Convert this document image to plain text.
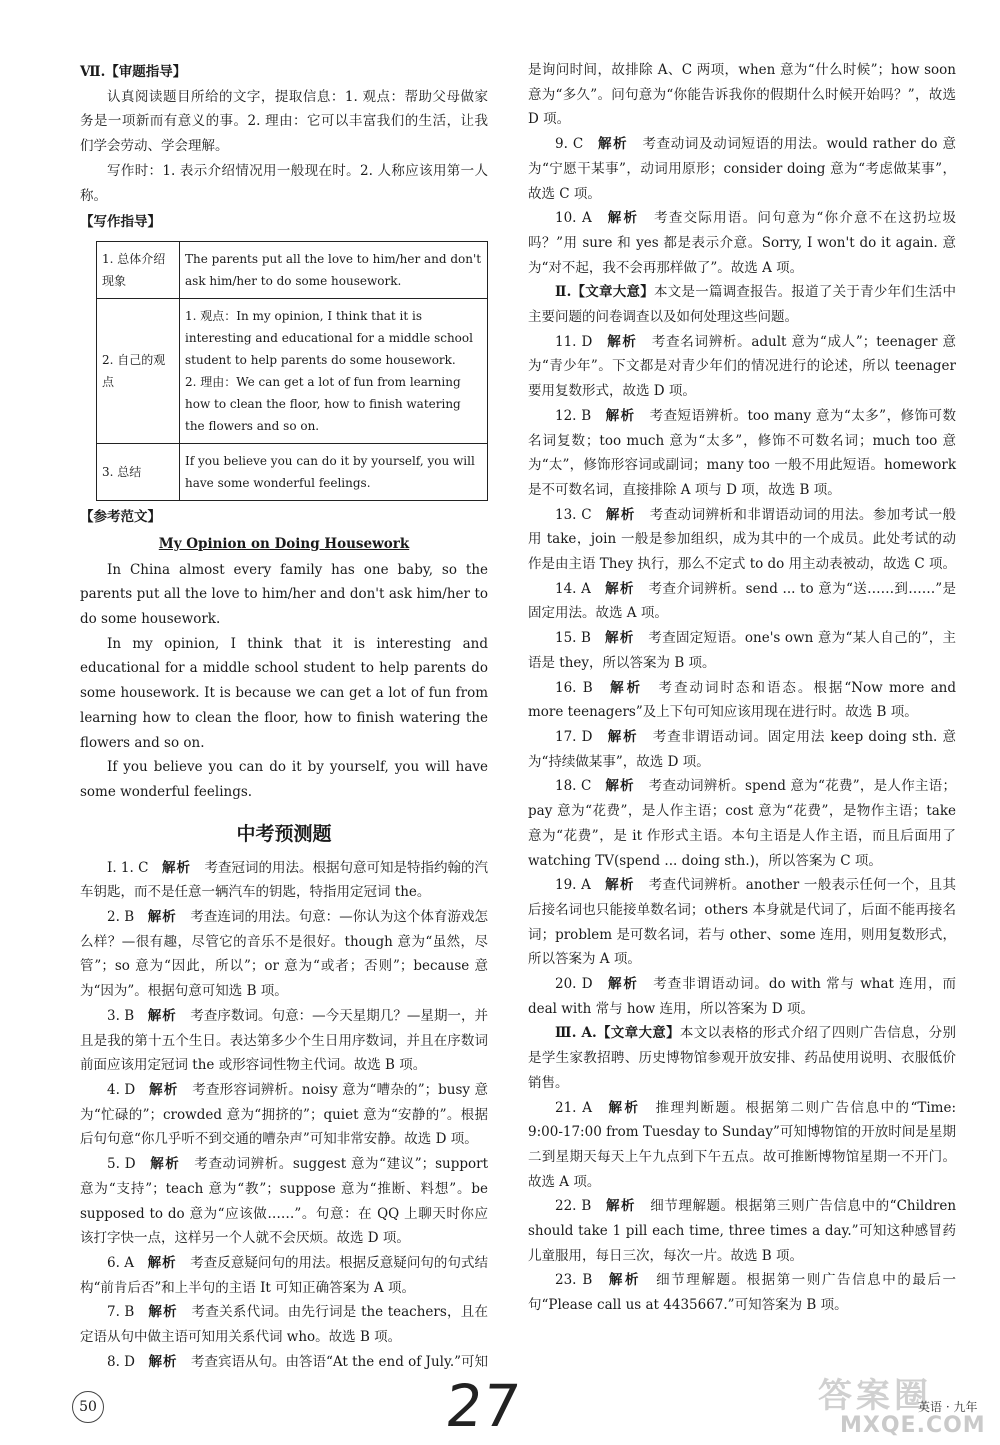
Ⅶ.【审题指导】

认真阅读题目所给的文字，提取信息：1. 观点：帮助父母做家务是一项新而有意义的事。2. 理由：它可以丰富我们的生活，让我们学会劳动、学会理解。

写作时：1. 表示介绍情况用一般现在时。2. 人称应该用第一人称。

【写作指导】

1. 总体介绍现象	The parents put all the love to him/her and don't ask him/her to do some housework.
2. 自己的观点	1. 观点：In my opinion, I think that it is interesting and educational for a middle school student to help parents do some housework.
2. 理由：We can get a lot of fun from learning how to clean the floor, how to finish watering the flowers and so on.
3. 总结	If you believe you can do it by yourself, you will have some wonderful feelings.

【参考范文】

My Opinion on Doing Housework

In China almost every family has one baby, so the parents put all the love to him/her and don't ask him/her to do some housework.

In my opinion, I think that it is interesting and educational for a middle school student to help parents do some housework. It is because we can get a lot of fun from learning how to clean the floor, how to finish watering the flowers and so on.

If you believe you can do it by yourself, you will have some wonderful feelings.

中考预测题

Ⅰ. 1. C　 解析　 考查冠词的用法。根据句意可知是特指约翰的汽车钥匙，而不是任意一辆汽车的钥匙，特指用定冠词 the。

2. B　 解析　 考查连词的用法。句意：—你认为这个体育游戏怎么样？—很有趣，尽管它的音乐不是很好。though 意为“虽然，尽管”；so 意为“因此，所以”；or 意为“或者；否则”；because 意为“因为”。根据句意可知选 B 项。

3. B　 解析　 考查序数词。句意：—今天星期几？—星期一，并且是我的第十五个生日。表达第多少个生日用序数词，并且在序数词前面应该用定冠词 the 或形容词性物主代词。故选 B 项。

4. D　 解析　 考查形容词辨析。noisy 意为“嘈杂的”；busy 意为“忙碌的”；crowded 意为“拥挤的”；quiet 意为“安静的”。根据后句句意“你几乎听不到交通的嘈杂声”可知非常安静。故选 D 项。

5. D　 解析　 考查动词辨析。suggest 意为“建议”；support 意为“支持”；teach 意为“教”；suppose 意为“推断、料想”。be supposed to do 意为“应该做……”。句意：在 QQ 上聊天时你应该打字快一点，这样另一个人就不会厌烦。故选 D 项。

6. A　 解析　 考查反意疑问句的用法。根据反意疑问句的句式结构“前肯后否”和上半句的主语 It 可知正确答案为 A 项。

7. B　 解析　 考查关系代词。由先行词是 the teachers，且在定语从句中做主语可知用关系代词 who。故选 B 项。

8. D　 解析　 考查宾语从句。由答语“At the end of July.”可知

是询问时间，故排除 A、C 两项，when 意为“什么时候”；how soon 意为“多久”。问句意为“你能告诉我你的假期什么时候开始吗？”，故选 D 项。

9. C　 解析　 考查动词及动词短语的用法。would rather do 意为“宁愿干某事”，动词用原形；consider doing 意为“考虑做某事”，故选 C 项。

10. A　 解析　 考查交际用语。问句意为“你介意不在这扔垃圾吗？”用 sure 和 yes 都是表示介意。Sorry, I won't do it again. 意为“对不起，我不会再那样做了”。故选 A 项。

Ⅱ.【文章大意】本文是一篇调查报告。报道了关于青少年们生活中主要问题的问卷调查以及如何处理这些问题。

11. D　 解析　 考查名词辨析。adult 意为“成人”；teenager 意为“青少年”。下文都是对青少年们的情况进行的论述，所以 teenager 要用复数形式，故选 D 项。

12. B　 解析　 考查短语辨析。too many 意为“太多”，修饰可数名词复数；too much 意为“太多”，修饰不可数名词；much too 意为“太”，修饰形容词或副词；many too 一般不用此短语。homework 是不可数名词，直接排除 A 项与 D 项，故选 B 项。

13. C　 解析　 考查动词辨析和非谓语动词的用法。参加考试一般用 take，join 一般是参加组织，成为其中的一个成员。此处考试的动作是由主语 They 执行，那么不定式 to do 用主动表被动，故选 C 项。

14. A　 解析　 考查介词辨析。send ... to 意为“送……到……”是固定用法。故选 A 项。

15. B　 解析　 考查固定短语。one's own 意为“某人自己的”，主语是 they，所以答案为 B 项。

16. B　 解析　 考查动词时态和语态。根据“Now more and more teenagers”及上下句可知应该用现在进行时。故选 B 项。

17. D　 解析　 考查非谓语动词。固定用法 keep doing sth. 意为“持续做某事”，故选 D 项。

18. C　 解析　 考查动词辨析。spend 意为“花费”，是人作主语；pay 意为“花费”，是人作主语；cost 意为“花费”，是物作主语；take 意为“花费”，是 it 作形式主语。本句主语是人作主语，而且后面用了 watching TV(spend ... doing sth.)，所以答案为 C 项。

19. A　 解析　 考查代词辨析。another 一般表示任何一个，且其后接名词也只能接单数名词；others 本身就是代词了，后面不能再接名词；problem 是可数名词，若与 other、some 连用，则用复数形式，所以答案为 A 项。

20. D　 解析　 考查非谓语动词。do with 常与 what 连用，而 deal with 常与 how 连用，所以答案为 D 项。

Ⅲ. A.【文章大意】本文以表格的形式介绍了四则广告信息，分别是学生家教招聘、历史博物馆参观开放安排、药品使用说明、衣服低价销售。

21. A　 解析　 推理判断题。根据第二则广告信息中的“Time: 9:00-17:00 from Tuesday to Sunday”可知博物馆的开放时间是星期二到星期天每天上午九点到下午五点。故可推断博物馆星期一不开门。故选 A 项。

22. B　 解析　 细节理解题。根据第三则广告信息中的“Children should take 1 pill each time, three times a day.”可知这种感冒药儿童服用，每日三次，每次一片。故选 B 项。

23. B　 解析　 细节理解题。根据第一则广告信息中的最后一句“Please call us at 4435667.”可知答案为 B 项。

50	27	答案圈
MXQE.COM
英语 · 九年
